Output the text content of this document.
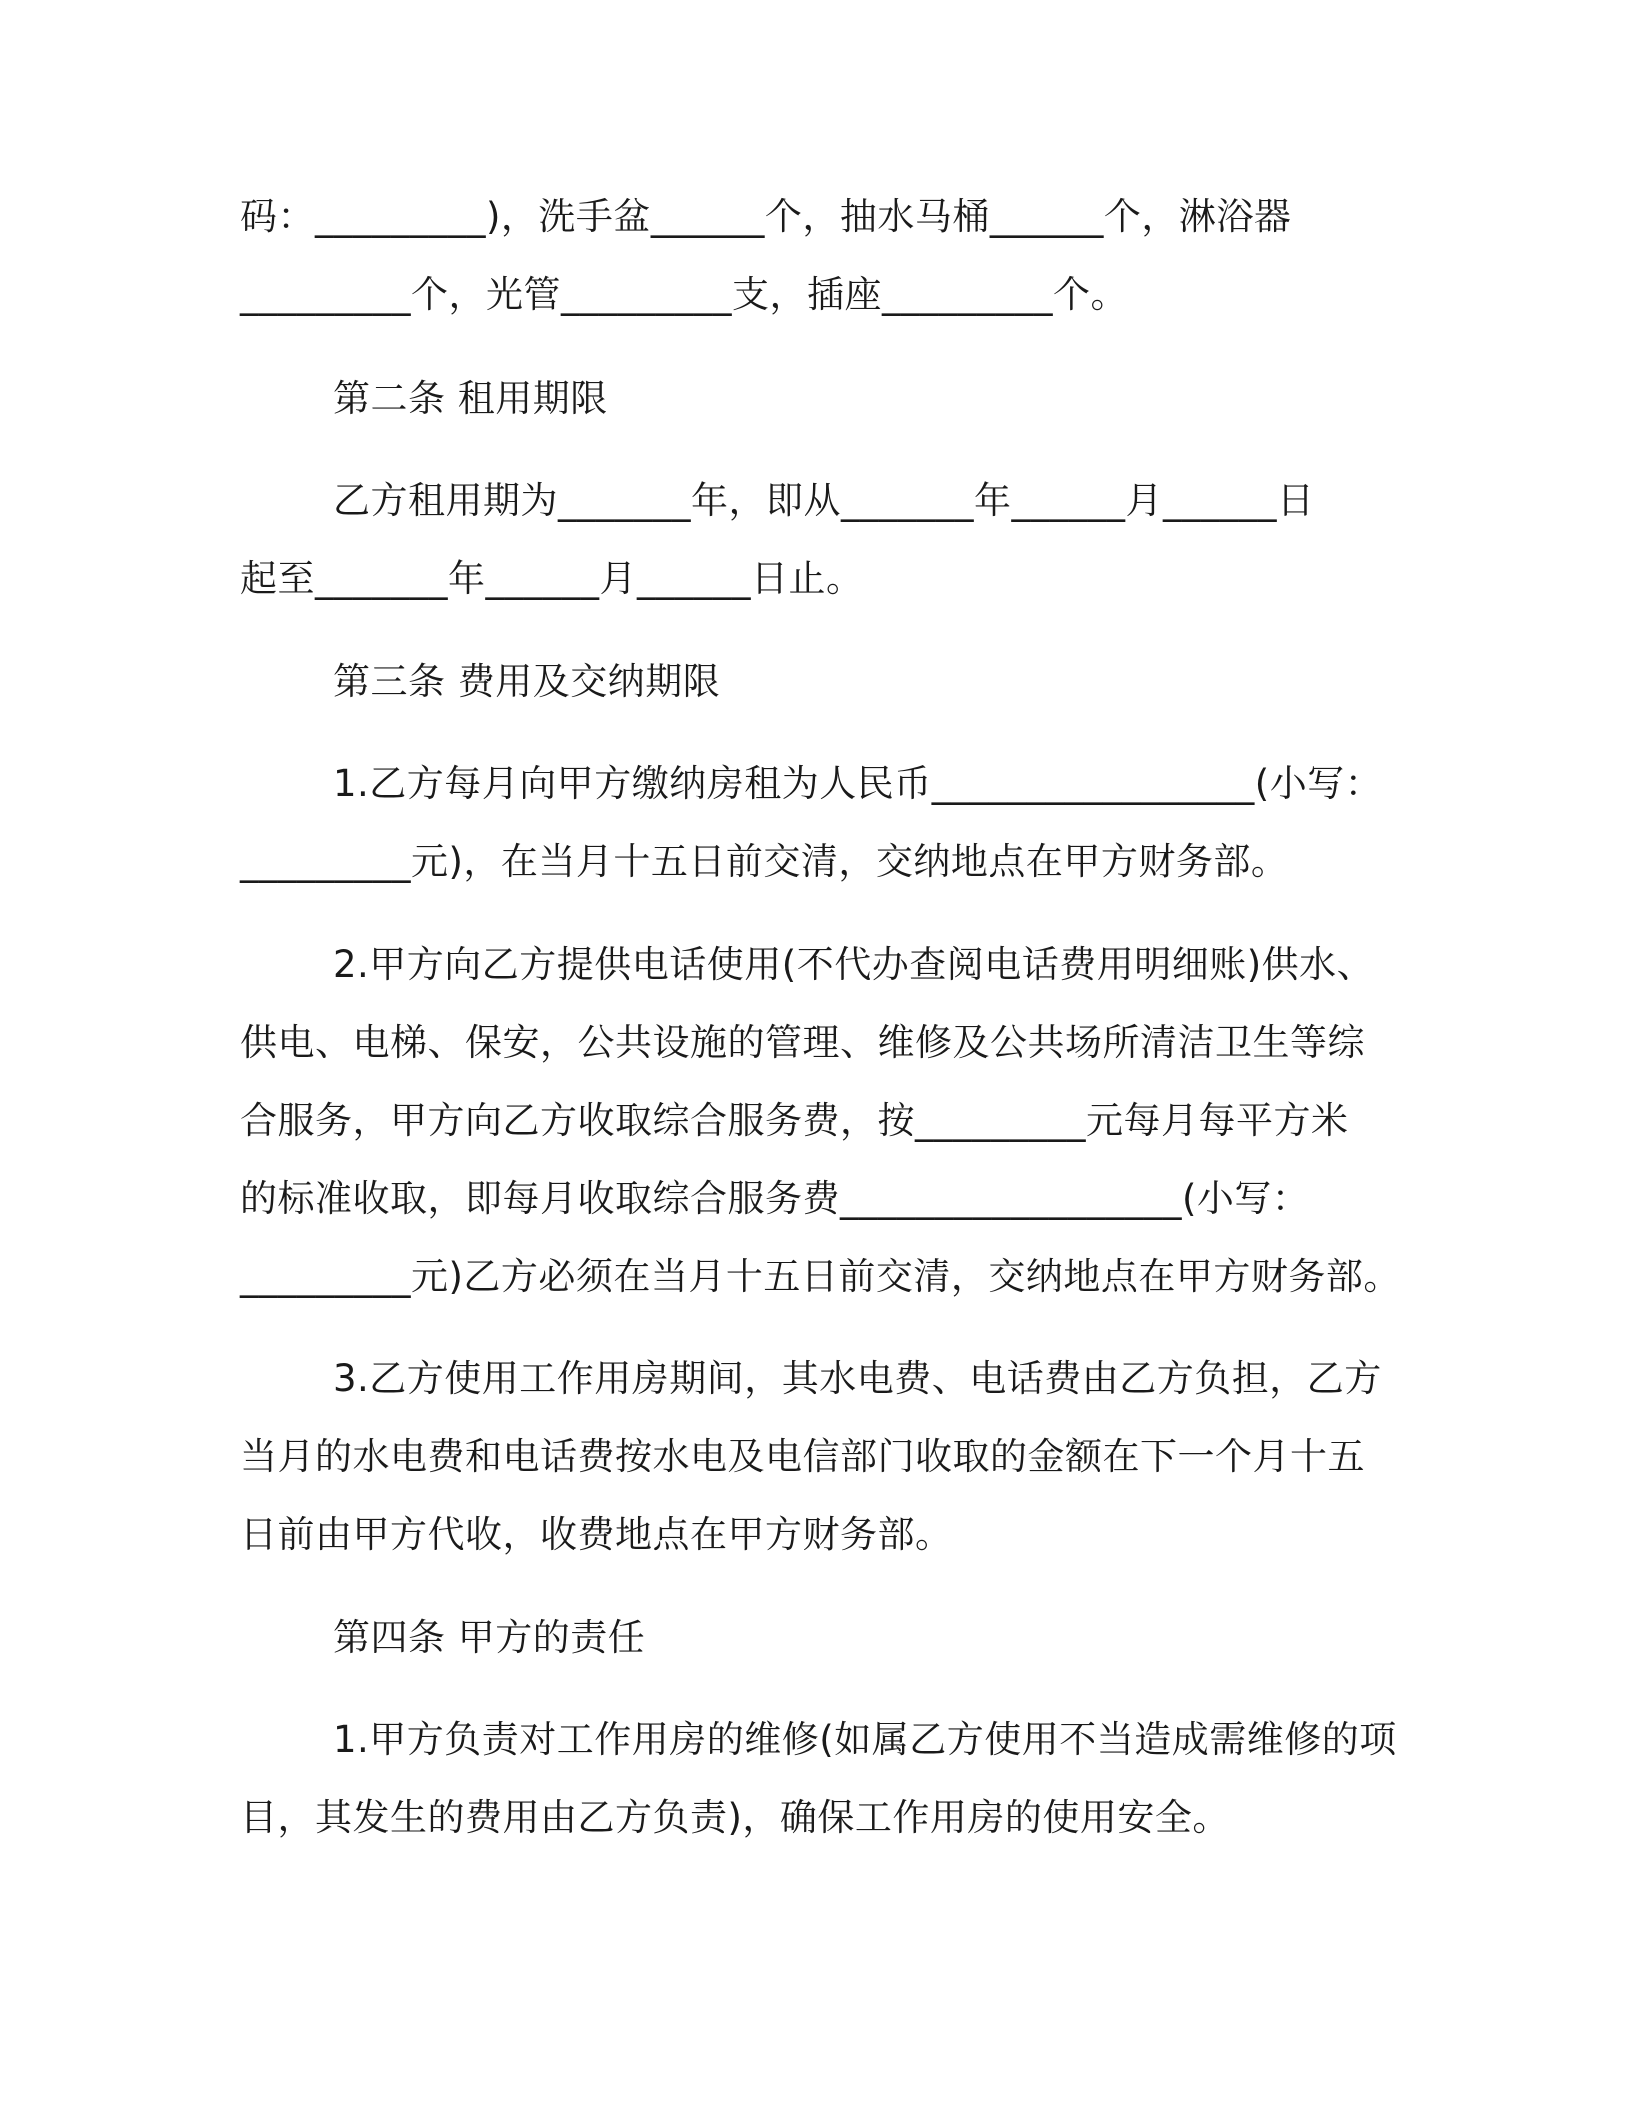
码：_________)，洗手盆______个，抽水马桶______个，淋浴器
_________个，光管_________支，插座_________个。
第二条 租用期限
乙方租用期为_______年，即从_______年______月______日
起至_______年______月______日止。
第三条 费用及交纳期限
1.乙方每月向甲方缴纳房租为人民币_________________(小写：
_________元)，在当月十五日前交清，交纳地点在甲方财务部。
2.甲方向乙方提供电话使用(不代办查阅电话费用明细账)供水、
供电、电梯、保安，公共设施的管理、维修及公共场所清洁卫生等综
合服务，甲方向乙方收取综合服务费，按_________元每月每平方米
的标准收取，即每月收取综合服务费__________________(小写：
_________元)乙方必须在当月十五日前交清，交纳地点在甲方财务部。
3.乙方使用工作用房期间，其水电费、电话费由乙方负担，乙方
当月的水电费和电话费按水电及电信部门收取的金额在下一个月十五
日前由甲方代收，收费地点在甲方财务部。
第四条 甲方的责任
1.甲方负责对工作用房的维修(如属乙方使用不当造成需维修的项
目，其发生的费用由乙方负责)，确保工作用房的使用安全。
